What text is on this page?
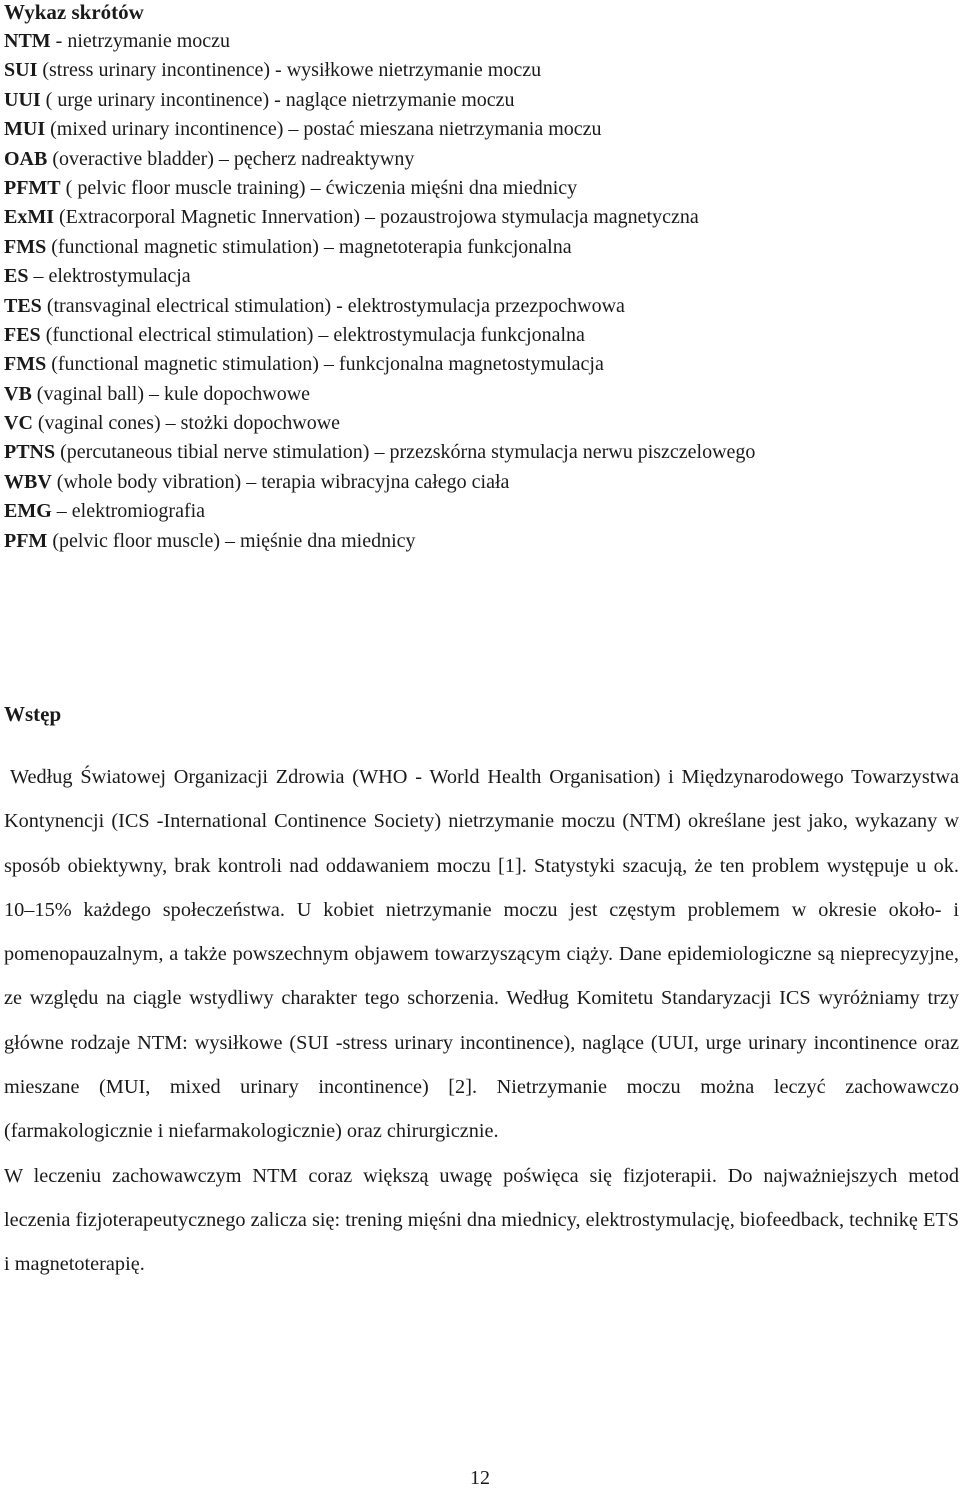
Wykaz skrótów
NTM - nietrzymanie moczu
SUI (stress urinary incontinence) - wysiłkowe nietrzymanie moczu
UUI ( urge urinary incontinence) - naglące nietrzymanie moczu
MUI (mixed urinary incontinence) – postać mieszana nietrzymania moczu
OAB (overactive bladder) – pęcherz nadreaktywny
PFMT ( pelvic floor muscle training) – ćwiczenia mięśni dna miednicy
ExMI (Extracorporal Magnetic Innervation) – pozaustrojowa stymulacja magnetyczna
FMS (functional magnetic stimulation) – magnetoterapia funkcjonalna
ES – elektrostymulacja
TES (transvaginal electrical stimulation) - elektrostymulacja przezpochwowa
FES (functional electrical stimulation) – elektrostymulacja funkcjonalna
FMS (functional magnetic stimulation) – funkcjonalna magnetostymulacja
VB (vaginal ball) – kule dopochwowe
VC (vaginal cones) – stożki dopochwowe
PTNS (percutaneous tibial nerve stimulation) – przezskórna stymulacja nerwu piszczelowego
WBV (whole body vibration) – terapia wibracyjna całego ciała
EMG – elektromiografia
PFM (pelvic floor muscle) – mięśnie dna miednicy
Wstęp

Według Światowej Organizacji Zdrowia (WHO - World Health Organisation) i Międzynarodowego Towarzystwa Kontynencji (ICS -International Continence Society) nietrzymanie moczu (NTM) określane jest jako, wykazany w sposób obiektywny, brak kontroli nad oddawaniem moczu [1]. Statystyki szacują, że ten problem występuje u ok. 10–15% każdego społeczeństwa. U kobiet nietrzymanie moczu jest częstym problemem w okresie około- i pomenopauzalnym, a także powszechnym objawem towarzyszącym ciąży. Dane epidemiologiczne są nieprecyzyjne, ze względu na ciągle wstydliwy charakter tego schorzenia. Według Komitetu Standaryzacji ICS wyróżniamy trzy główne rodzaje NTM: wysiłkowe (SUI -stress urinary incontinence), naglące (UUI, urge urinary incontinence oraz mieszane (MUI, mixed urinary incontinence) [2]. Nietrzymanie moczu można leczyć zachowawczo (farmakologicznie i niefarmakologicznie) oraz chirurgicznie.

W leczeniu zachowawczym NTM coraz większą uwagę poświęca się fizjoterapii. Do najważniejszych metod leczenia fizjoterapeutycznego zalicza się: trening mięśni dna miednicy, elektrostymulację, biofeedback, technikę ETS i magnetoterapię.

12
